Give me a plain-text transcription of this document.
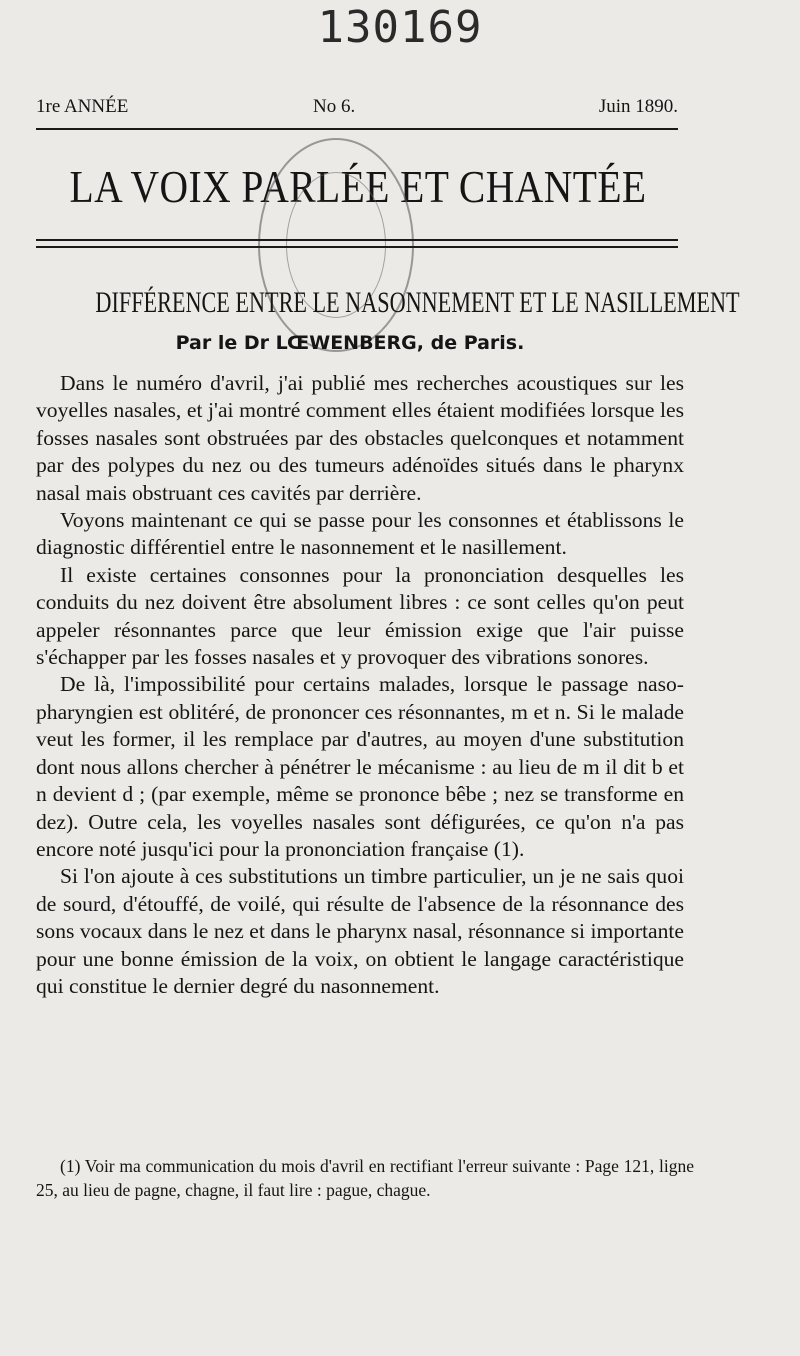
130169
1re ANNÉE	No 6.	Juin 1890.
LA VOIX PARLÉE ET CHANTÉE
DIFFÉRENCE ENTRE LE NASONNEMENT ET LE NASILLEMENT
Par le Dr LŒWENBERG, de Paris.

Dans le numéro d'avril, j'ai publié mes recherches acoustiques sur les voyelles nasales, et j'ai montré comment elles étaient modifiées lorsque les fosses nasales sont obstruées par des obstacles quelconques et notamment par des polypes du nez ou des tumeurs adénoïdes situés dans le pharynx nasal mais obstruant ces cavités par derrière.

Voyons maintenant ce qui se passe pour les consonnes et établissons le diagnostic différentiel entre le nasonnement et le nasillement.

Il existe certaines consonnes pour la prononciation desquelles les conduits du nez doivent être absolument libres : ce sont celles qu'on peut appeler résonnantes parce que leur émission exige que l'air puisse s'échapper par les fosses nasales et y provoquer des vibrations sonores.

De là, l'impossibilité pour certains malades, lorsque le passage naso-pharyngien est oblitéré, de prononcer ces résonnantes, m et n. Si le malade veut les former, il les remplace par d'autres, au moyen d'une substitution dont nous allons chercher à pénétrer le mécanisme : au lieu de m il dit b et n devient d ; (par exemple, même se prononce bêbe ; nez se transforme en dez). Outre cela, les voyelles nasales sont défigurées, ce qu'on n'a pas encore noté jusqu'ici pour la prononciation française (1).

Si l'on ajoute à ces substitutions un timbre particulier, un je ne sais quoi de sourd, d'étouffé, de voilé, qui résulte de l'absence de la résonnance des sons vocaux dans le nez et dans le pharynx nasal, résonnance si importante pour une bonne émission de la voix, on obtient le langage caractéristique qui constitue le dernier degré du nasonnement.

(1) Voir ma communication du mois d'avril en rectifiant l'erreur suivante : Page 121, ligne 25, au lieu de pagne, chagne, il faut lire : pague, chague.
